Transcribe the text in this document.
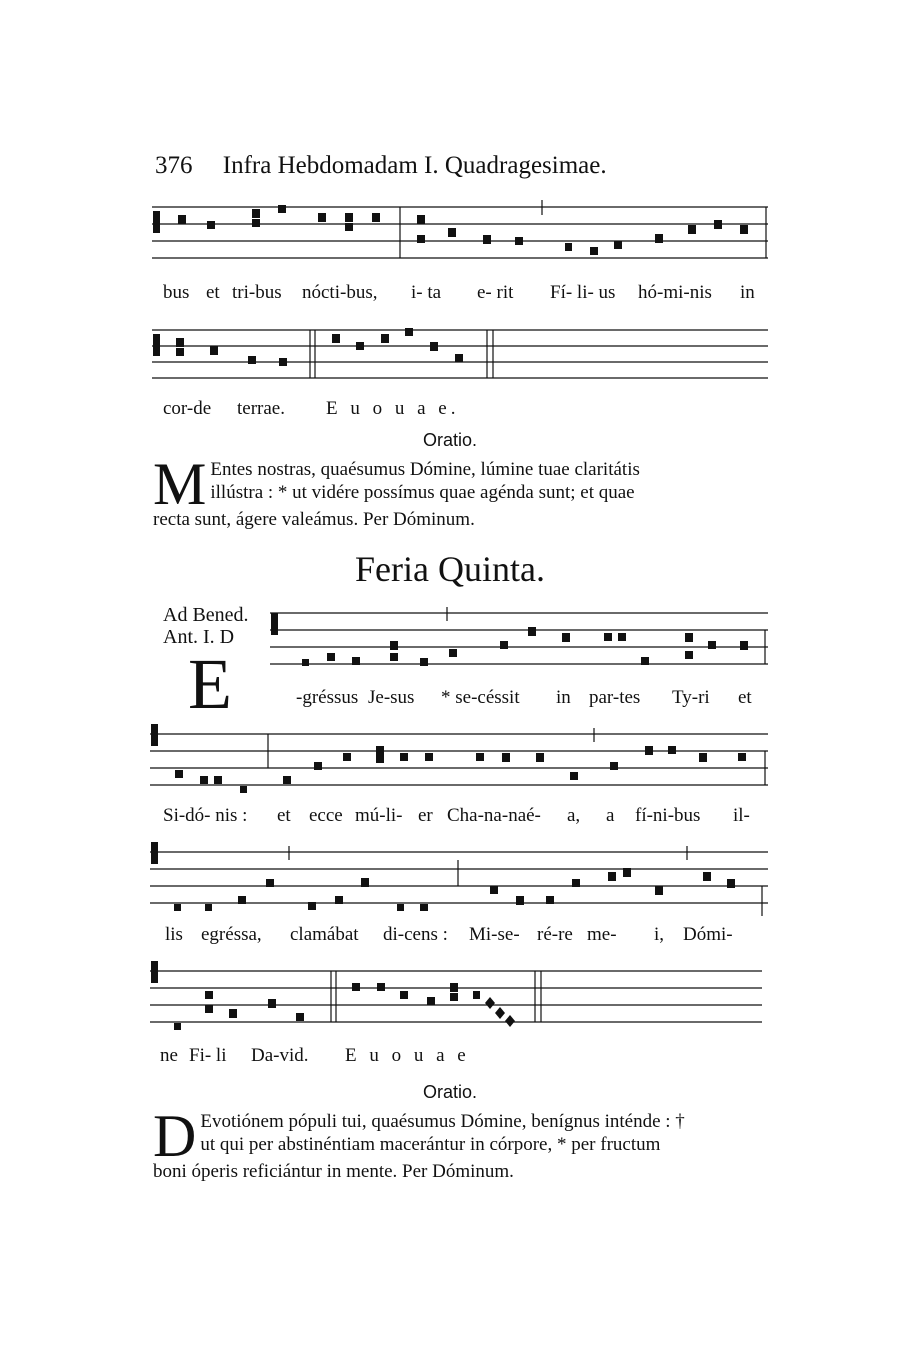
376 Infra Hebdomadam I. Quadragesimae.
bus et tri-bus nócti-bus, i- ta e- rit Fí- li- us hó-mi-nis in
cor-de terrae. E u o u a e.
Oratio.
M Entes nostras, quaésumus Dómine, lúmine tuae claritátis
illústra : * ut vidére possímus quae agénda sunt; et quae
recta sunt, ágere valeámus. Per Dóminum.
Feria Quinta.
Ad Bened.
Ant. I. D
E	-gréssus Je-sus * se-céssit in par-tes Ty-ri et
Si-dó- nis : et ecce mú-li- er Cha-na-naé- a, a fí-ni-bus il-
lis egréssa, clamábat di-cens : Mi-se- ré-re me- i, Dómi-
ne Fi- li Da-vid. E u o u a e
Oratio.
D Evotiónem pópuli tui, quaésumus Dómine, benígnus inténde : †
ut qui per abstinéntiam macerántur in córpore, * per fructum
boni óperis reficiántur in mente. Per Dóminum.
